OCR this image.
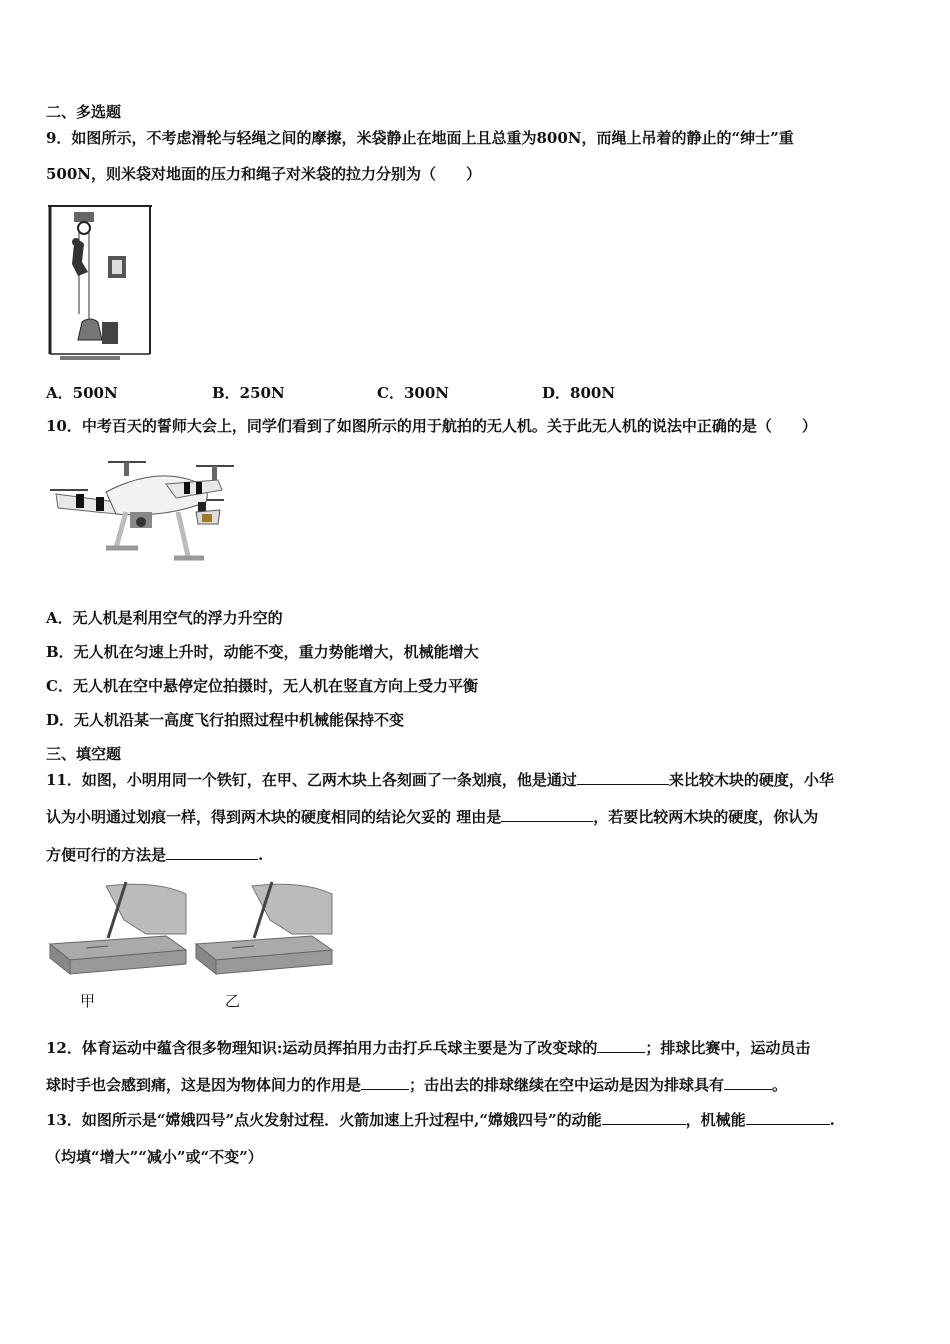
二、多选题
9．如图所示，不考虑滑轮与轻绳之间的摩擦，米袋静止在地面上且总重为800N，而绳上吊着的静止的“绅士”重
500N，则米袋对地面的压力和绳子对米袋的拉力分别为（　　）
A．500N	B．250N	C．300N	D．800N
10．中考百天的誓师大会上，同学们看到了如图所示的用于航拍的无人机。关于此无人机的说法中正确的是（　　）
A．无人机是利用空气的浮力升空的
B．无人机在匀速上升时，动能不变，重力势能增大，机械能增大
C．无人机在空中悬停定位拍摄时，无人机在竖直方向上受力平衡
D．无人机沿某一高度飞行拍照过程中机械能保持不变
三、填空题
11．如图，小明用同一个铁钉，在甲、乙两木块上各刻画了一条划痕，他是通过	来比较木块的硬度，小华
认为小明通过划痕一样，得到两木块的硬度相同的结论欠妥的 理由是	，若要比较两木块的硬度，你认为
方便可行的方法是	.
甲	乙
12．体育运动中蕴含很多物理知识:运动员挥拍用力击打乒乓球主要是为了改变球的	；排球比赛中，运动员击
球时手也会感到痛，这是因为物体间力的作用是	；击出去的排球继续在空中运动是因为排球具有	。
13．如图所示是“嫦娥四号”点火发射过程．火箭加速上升过程中,“嫦娥四号”的动能	，机械能	.
（均填“增大”“减小”或“不变”）
